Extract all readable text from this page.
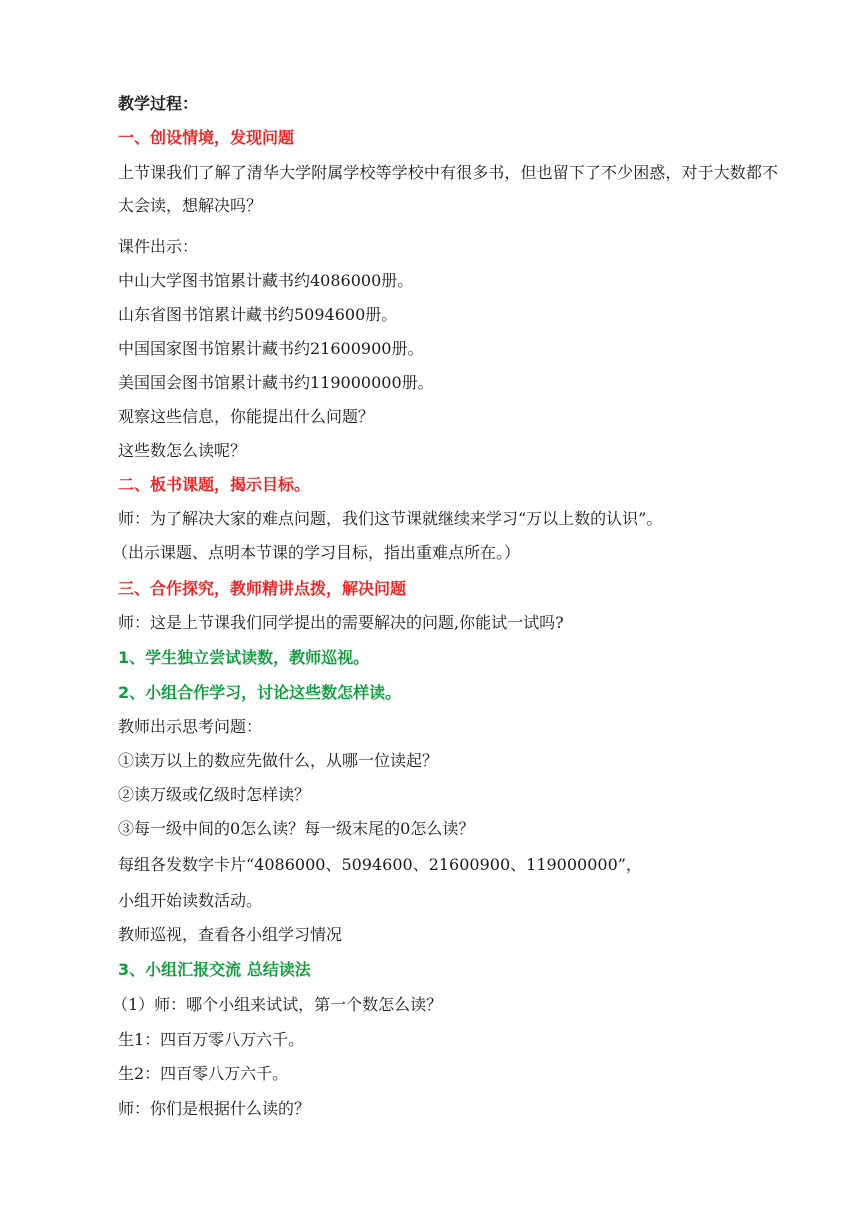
教学过程：
一、创设情境，发现问题
上节课我们了解了清华大学附属学校等学校中有很多书，但也留下了不少困惑，对于大数都不太会读，想解决吗？
课件出示：
中山大学图书馆累计藏书约4086000册。
山东省图书馆累计藏书约5094600册。
中国国家图书馆累计藏书约21600900册。
美国国会图书馆累计藏书约119000000册。
观察这些信息，你能提出什么问题？
这些数怎么读呢？
二、板书课题，揭示目标。
师：为了解决大家的难点问题，我们这节课就继续来学习“万以上数的认识”。
（出示课题、点明本节课的学习目标，指出重难点所在。）
三、合作探究，教师精讲点拨，解决问题
师：这是上节课我们同学提出的需要解决的问题,你能试一试吗?
1、学生独立尝试读数，教师巡视。
2、小组合作学习，讨论这些数怎样读。
教师出示思考问题：
①读万以上的数应先做什么，从哪一位读起？
②读万级或亿级时怎样读？
③每一级中间的0怎么读？每一级末尾的0怎么读？
每组各发数字卡片“4086000、5094600、21600900、119000000”，
小组开始读数活动。
教师巡视，查看各小组学习情况
3、小组汇报交流 总结读法
（1）师：哪个小组来试试，第一个数怎么读？
生1：四百万零八万六千。
生2：四百零八万六千。
师：你们是根据什么读的？
